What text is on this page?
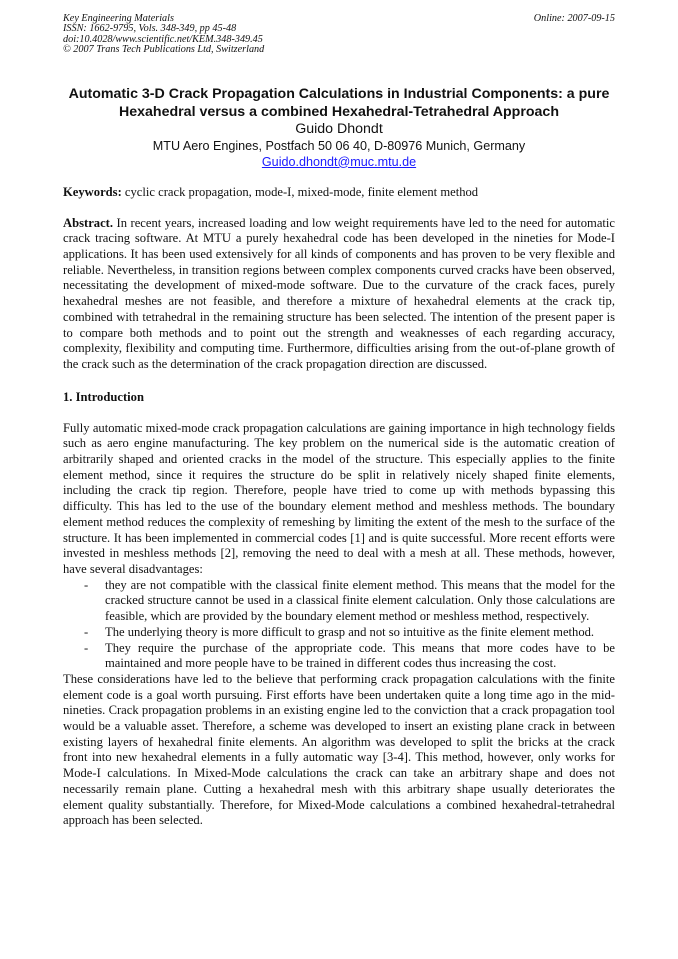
Key Engineering Materials	Online: 2007-09-15
ISSN: 1662-9795, Vols. 348-349, pp 45-48
doi:10.4028/www.scientific.net/KEM.348-349.45
© 2007 Trans Tech Publications Ltd, Switzerland
Automatic 3-D Crack Propagation Calculations in Industrial Components: a pure Hexahedral versus a combined Hexahedral-Tetrahedral Approach
Guido Dhondt
MTU Aero Engines, Postfach 50 06 40, D-80976 Munich, Germany
Guido.dhondt@muc.mtu.de
Keywords: cyclic crack propagation, mode-I, mixed-mode, finite element method
Abstract. In recent years, increased loading and low weight requirements have led to the need for automatic crack tracing software. At MTU a purely hexahedral code has been developed in the nineties for Mode-I applications. It has been used extensively for all kinds of components and has proven to be very flexible and reliable. Nevertheless, in transition regions between complex components curved cracks have been observed, necessitating the development of mixed-mode software. Due to the curvature of the crack faces, purely hexahedral meshes are not feasible, and therefore a mixture of hexahedral elements at the crack tip, combined with tetrahedral in the remaining structure has been selected. The intention of the present paper is to compare both methods and to point out the strength and weaknesses of each regarding accuracy, complexity, flexibility and computing time. Furthermore, difficulties arising from the out-of-plane growth of the crack such as the determination of the crack propagation direction are discussed.
1. Introduction
Fully automatic mixed-mode crack propagation calculations are gaining importance in high technology fields such as aero engine manufacturing. The key problem on the numerical side is the automatic creation of arbitrarily shaped and oriented cracks in the model of the structure. This especially applies to the finite element method, since it requires the structure do be split in relatively nicely shaped finite elements, including the crack tip region. Therefore, people have tried to come up with methods bypassing this difficulty. This has led to the use of the boundary element method and meshless methods. The boundary element method reduces the complexity of remeshing by limiting the extent of the mesh to the surface of the structure. It has been implemented in commercial codes [1] and is quite successful. More recent efforts were invested in meshless methods [2], removing the need to deal with a mesh at all. These methods, however, have several disadvantages:
- they are not compatible with the classical finite element method. This means that the model for the cracked structure cannot be used in a classical finite element calculation. Only those calculations are feasible, which are provided by the boundary element method or meshless method, respectively.
- The underlying theory is more difficult to grasp and not so intuitive as the finite element method.
- They require the purchase of the appropriate code. This means that more codes have to be maintained and more people have to be trained in different codes thus increasing the cost.
These considerations have led to the believe that performing crack propagation calculations with the finite element code is a goal worth pursuing. First efforts have been undertaken quite a long time ago in the mid-nineties. Crack propagation problems in an existing engine led to the conviction that a crack propagation tool would be a valuable asset. Therefore, a scheme was developed to insert an existing plane crack in between existing layers of hexahedral finite elements. An algorithm was developed to split the bricks at the crack front into new hexahedral elements in a fully automatic way [3-4]. This method, however, only works for Mode-I calculations. In Mixed-Mode calculations the crack can take an arbitrary shape and does not necessarily remain plane. Cutting a hexahedral mesh with this arbitrary shape usually deteriorates the element quality substantially. Therefore, for Mixed-Mode calculations a combined hexahedral-tetrahedral approach has been selected.
